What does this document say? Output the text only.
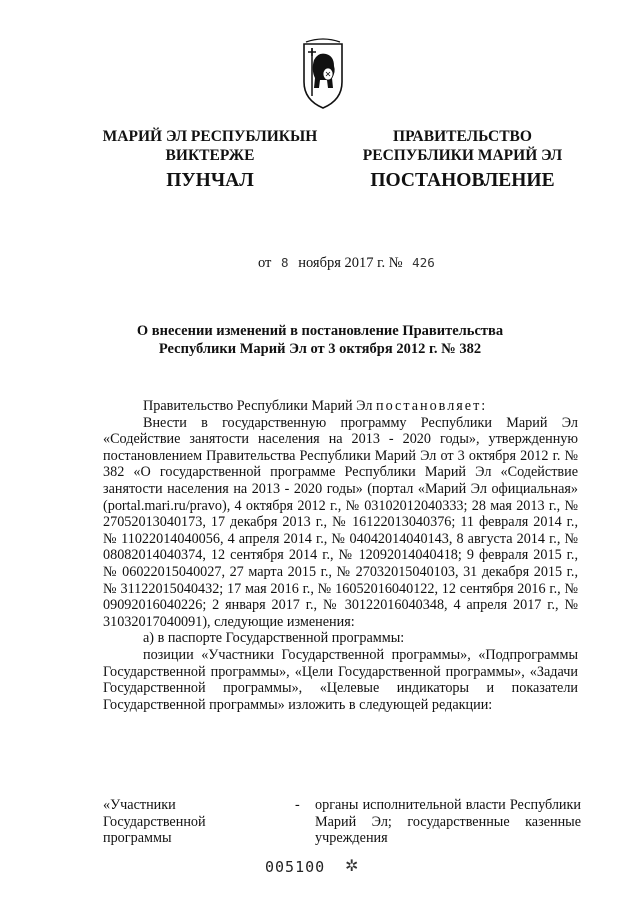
МАРИЙ ЭЛ РЕСПУБЛИКЫН
ВИКТЕРЖЕ
ПРАВИТЕЛЬСТВО
РЕСПУБЛИКИ МАРИЙ ЭЛ
ПУНЧАЛ	ПОСТАНОВЛЕНИЕ
от 8 ноября 2017 г. № 426
О внесении изменений в постановление Правительства
Республики Марий Эл от 3 октября 2012 г. № 382

Правительство Республики Марий Эл постановляет:

Внести в государственную программу Республики Марий Эл «Содействие занятости населения на 2013 - 2020 годы», утвержденную постановлением Правительства Республики Марий Эл от 3 октября 2012 г. № 382 «О государственной программе Республики Марий Эл «Содействие занятости населения на 2013 - 2020 годы» (портал «Марий Эл официальная» (portal.mari.ru/pravo), 4 октября 2012 г., № 03102012040333; 28 мая 2013 г., № 27052013040173, 17 декабря 2013 г., № 16122013040376; 11 февраля 2014 г., № 11022014040056, 4 апреля 2014 г., № 04042014040143, 8 августа 2014 г., № 08082014040374, 12 сентября 2014 г., № 12092014040418; 9 февраля 2015 г., № 06022015040027, 27 марта 2015 г., № 27032015040103, 31 декабря 2015 г., № 31122015040432; 17 мая 2016 г., № 16052016040122, 12 сентября 2016 г., № 09092016040226; 2 января 2017 г., № 30122016040348, 4 апреля 2017 г., № 31032017040091), следующие изменения:

а) в паспорте Государственной программы:

позиции «Участники Государственной программы», «Подпрограммы Государственной программы», «Цели Государственной программы», «Задачи Государственной программы», «Целевые индикаторы и показатели Государственной программы» изложить в следующей редакции:

«Участники
Государственной
программы
- органы исполнительной власти Республики Марий Эл; государственные казенные учреждения
005100 ✲
